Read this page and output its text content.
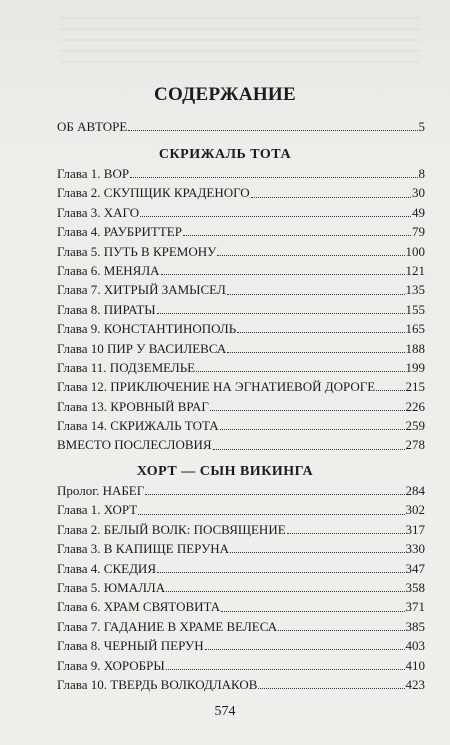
СОДЕРЖАНИЕ
ОБ АВТОРЕ	5
СКРИЖАЛЬ ТОТА
Глава 1. ВОР	8
Глава 2. СКУПЩИК КРАДЕНОГО	30
Глава 3. ХАГО	49
Глава 4. РАУБРИТТЕР	79
Глава 5. ПУТЬ В КРЕМОНУ	100
Глава 6. МЕНЯЛА	121
Глава 7. ХИТРЫЙ ЗАМЫСЕЛ	135
Глава 8. ПИРАТЫ	155
Глава 9. КОНСТАНТИНОПОЛЬ	165
Глава 10 ПИР У ВАСИЛЕВСА	188
Глава 11. ПОДЗЕМЕЛЬЕ	199
Глава 12. ПРИКЛЮЧЕНИЕ НА ЭГНАТИЕВОЙ ДОРОГЕ 215
Глава 13. КРОВНЫЙ ВРАГ	226
Глава 14. СКРИЖАЛЬ ТОТА	259
ВМЕСТО ПОСЛЕСЛОВИЯ	278
ХОРТ — СЫН ВИКИНГА
Пролог. НАБЕГ	284
Глава 1. ХОРТ	302
Глава 2. БЕЛЫЙ ВОЛК: ПОСВЯЩЕНИЕ	317
Глава 3. В КАПИЩЕ ПЕРУНА	330
Глава 4. СКЕДИЯ	347
Глава 5. ЮМАЛЛА	358
Глава 6. ХРАМ СВЯТОВИТА	371
Глава 7. ГАДАНИЕ В ХРАМЕ ВЕЛЕСА	385
Глава 8. ЧЕРНЫЙ ПЕРУН	403
Глава 9. ХОРОБРЫ	410
Глава 10. ТВЕРДЬ ВОЛКОДЛАКОВ	423
574
